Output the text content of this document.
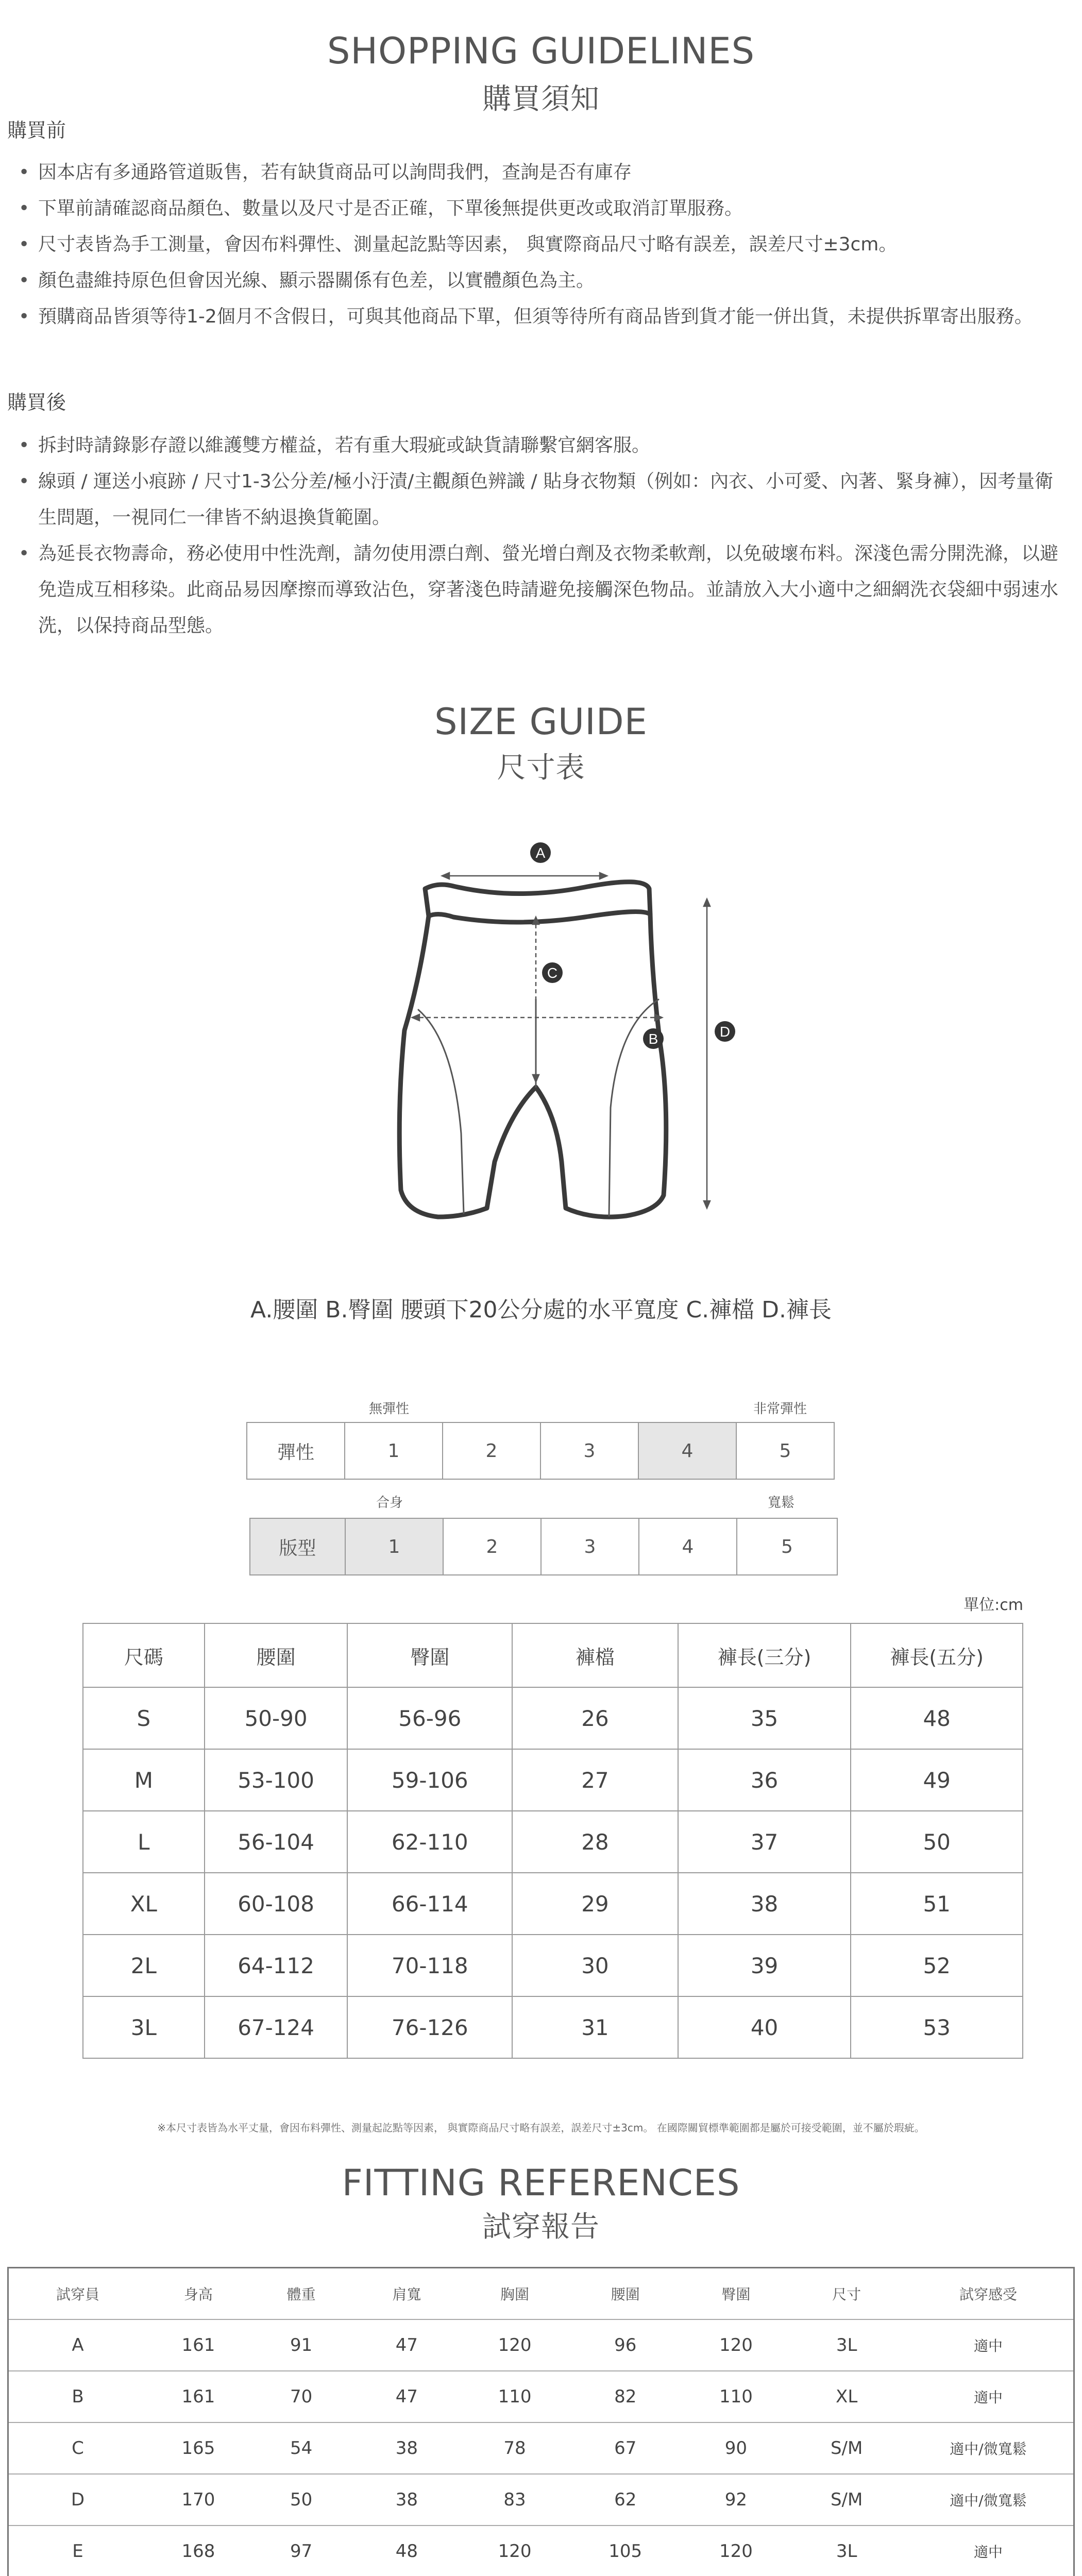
SHOPPING GUIDELINES
購買須知
購買前
• 因本店有多通路管道販售，若有缺貨商品可以詢問我們，查詢是否有庫存
• 下單前請確認商品顏色、數量以及尺寸是否正確，下單後無提供更改或取消訂單服務。
• 尺寸表皆為手工測量，會因布料彈性、測量起訖點等因素， 與實際商品尺寸略有誤差，誤差尺寸±3cm。
• 顏色盡維持原色但會因光線、顯示器關係有色差，以實體顏色為主。
• 預購商品皆須等待1-2個月不含假日，可與其他商品下單，但須等待所有商品皆到貨才能一併出貨，未提供拆單寄出服務。
購買後
• 拆封時請錄影存證以維護雙方權益，若有重大瑕疵或缺貨請聯繫官網客服。
• 線頭 / 運送小痕跡 / 尺寸1-3公分差/極小汙漬/主觀顏色辨識 / 貼身衣物類（例如：內衣、小可愛、內著、緊身褲），因考量衛生問題，一視同仁一律皆不納退換貨範圍。
• 為延長衣物壽命，務必使用中性洗劑，請勿使用漂白劑、螢光增白劑及衣物柔軟劑，以免破壞布料。深淺色需分開洗滌，以避免造成互相移染。此商品易因摩擦而導致沾色，穿著淺色時請避免接觸深色物品。並請放入大小適中之細網洗衣袋細中弱速水洗，以保持商品型態。
SIZE GUIDE
尺寸表
A
B
C
D
A.腰圍 B.臀圍 腰頭下20公分處的水平寬度 C.褲檔 D.褲長
無彈性	非常彈性
彈性	1	2	3	4	5
合身	寬鬆
版型	1	2	3	4	5
單位:cm
尺碼	腰圍	臀圍	褲檔	褲長(三分)	褲長(五分)
S	50-90	56-96	26	35	48
M	53-100	59-106	27	36	49
L	56-104	62-110	28	37	50
XL	60-108	66-114	29	38	51
2L	64-112	70-118	30	39	52
3L	67-124	76-126	31	40	53
※本尺寸表皆為水平丈量，會因布料彈性、測量起訖點等因素， 與實際商品尺寸略有誤差，誤差尺寸±3cm。 在國際關貿標準範圍都是屬於可接受範圍，並不屬於瑕疵。
FITTING REFERENCES
試穿報告
試穿員	身高	體重	肩寬	胸圍	腰圍	臀圍	尺寸	試穿感受
A	161	91	47	120	96	120	3L	適中
B	161	70	47	110	82	110	XL	適中
C	165	54	38	78	67	90	S/M	適中/微寬鬆
D	170	50	38	83	62	92	S/M	適中/微寬鬆
E	168	97	48	120	105	120	3L	適中
